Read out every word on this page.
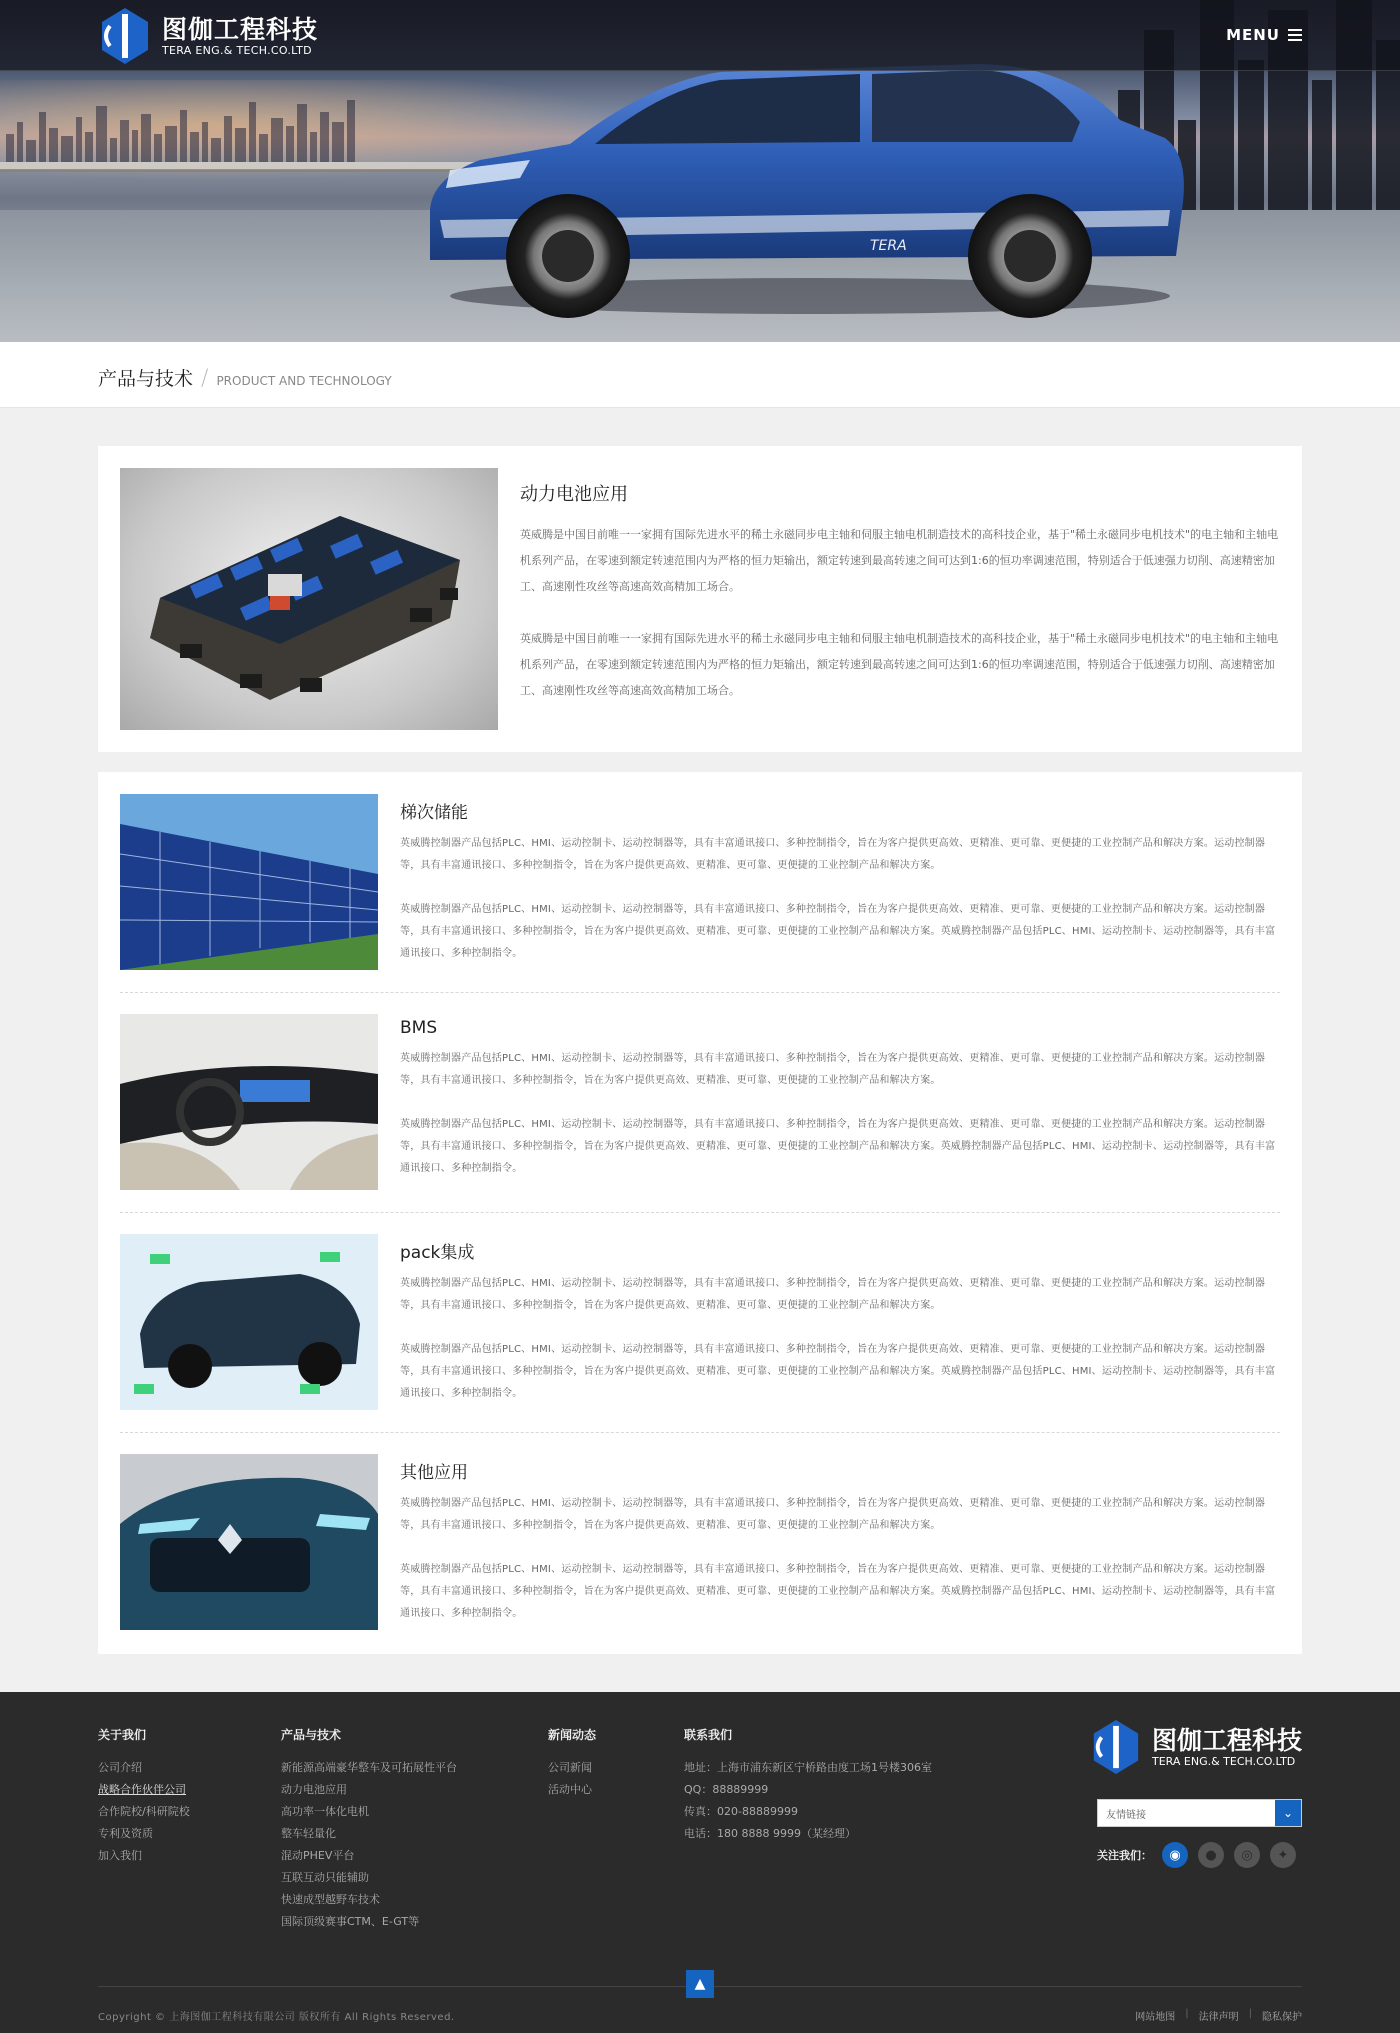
TERA
图伽工程科技
TERA ENG.& TECH.CO.LTD
MENU
产品与技术 / PRODUCT AND TECHNOLOGY
动力电池应用

英威腾是中国目前唯一一家拥有国际先进水平的稀土永磁同步电主轴和伺服主轴电机制造技术的高科技企业，基于"稀土永磁同步电机技术"的电主轴和主轴电机系列产品，在零速到额定转速范围内为严格的恒力矩输出，额定转速到最高转速之间可达到1:6的恒功率调速范围，特别适合于低速强力切削、高速精密加工、高速刚性攻丝等高速高效高精加工场合。

英威腾是中国目前唯一一家拥有国际先进水平的稀土永磁同步电主轴和伺服主轴电机制造技术的高科技企业，基于"稀土永磁同步电机技术"的电主轴和主轴电机系列产品，在零速到额定转速范围内为严格的恒力矩输出，额定转速到最高转速之间可达到1:6的恒功率调速范围，特别适合于低速强力切削、高速精密加工、高速刚性攻丝等高速高效高精加工场合。

梯次储能

英威腾控制器产品包括PLC、HMI、运动控制卡、运动控制器等，具有丰富通讯接口、多种控制指令，旨在为客户提供更高效、更精准、更可靠、更便捷的工业控制产品和解决方案。运动控制器等，具有丰富通讯接口、多种控制指令，旨在为客户提供更高效、更精准、更可靠、更便捷的工业控制产品和解决方案。

英威腾控制器产品包括PLC、HMI、运动控制卡、运动控制器等，具有丰富通讯接口、多种控制指令，旨在为客户提供更高效、更精准、更可靠、更便捷的工业控制产品和解决方案。运动控制器等，具有丰富通讯接口、多种控制指令，旨在为客户提供更高效、更精准、更可靠、更便捷的工业控制产品和解决方案。英威腾控制器产品包括PLC、HMI、运动控制卡、运动控制器等，具有丰富通讯接口、多种控制指令。

BMS

英威腾控制器产品包括PLC、HMI、运动控制卡、运动控制器等，具有丰富通讯接口、多种控制指令，旨在为客户提供更高效、更精准、更可靠、更便捷的工业控制产品和解决方案。运动控制器等，具有丰富通讯接口、多种控制指令，旨在为客户提供更高效、更精准、更可靠、更便捷的工业控制产品和解决方案。

英威腾控制器产品包括PLC、HMI、运动控制卡、运动控制器等，具有丰富通讯接口、多种控制指令，旨在为客户提供更高效、更精准、更可靠、更便捷的工业控制产品和解决方案。运动控制器等，具有丰富通讯接口、多种控制指令，旨在为客户提供更高效、更精准、更可靠、更便捷的工业控制产品和解决方案。英威腾控制器产品包括PLC、HMI、运动控制卡、运动控制器等，具有丰富通讯接口、多种控制指令。

pack集成

英威腾控制器产品包括PLC、HMI、运动控制卡、运动控制器等，具有丰富通讯接口、多种控制指令，旨在为客户提供更高效、更精准、更可靠、更便捷的工业控制产品和解决方案。运动控制器等，具有丰富通讯接口、多种控制指令，旨在为客户提供更高效、更精准、更可靠、更便捷的工业控制产品和解决方案。

英威腾控制器产品包括PLC、HMI、运动控制卡、运动控制器等，具有丰富通讯接口、多种控制指令，旨在为客户提供更高效、更精准、更可靠、更便捷的工业控制产品和解决方案。运动控制器等，具有丰富通讯接口、多种控制指令，旨在为客户提供更高效、更精准、更可靠、更便捷的工业控制产品和解决方案。英威腾控制器产品包括PLC、HMI、运动控制卡、运动控制器等，具有丰富通讯接口、多种控制指令。

其他应用

英威腾控制器产品包括PLC、HMI、运动控制卡、运动控制器等，具有丰富通讯接口、多种控制指令，旨在为客户提供更高效、更精准、更可靠、更便捷的工业控制产品和解决方案。运动控制器等，具有丰富通讯接口、多种控制指令，旨在为客户提供更高效、更精准、更可靠、更便捷的工业控制产品和解决方案。

英威腾控制器产品包括PLC、HMI、运动控制卡、运动控制器等，具有丰富通讯接口、多种控制指令，旨在为客户提供更高效、更精准、更可靠、更便捷的工业控制产品和解决方案。运动控制器等，具有丰富通讯接口、多种控制指令，旨在为客户提供更高效、更精准、更可靠、更便捷的工业控制产品和解决方案。英威腾控制器产品包括PLC、HMI、运动控制卡、运动控制器等，具有丰富通讯接口、多种控制指令。

关于我们
公司介绍
战略合作伙伴公司
合作院校/科研院校
专利及资质
加入我们
产品与技术
新能源高端豪华整车及可拓展性平台
动力电池应用
高功率一体化电机
整车轻量化
混动PHEV平台
互联互动只能辅助
快速成型越野车技术
国际顶级赛事CTM、E-GT等
新闻动态
公司新闻
活动中心
联系我们
地址：上海市浦东新区宁桥路由度工场1号楼306室
QQ：88889999
传真：020-88889999
电话：180 8888 9999（某经理）
图伽工程科技
TERA ENG.& TECH.CO.LTD
友情链接	⌄
关注我们：	◉	●	◎	✦
▲
Copyright © 上海图伽工程科技有限公司 版权所有 All Rights Reserved.	网站地图 | 法律声明 | 隐私保护
